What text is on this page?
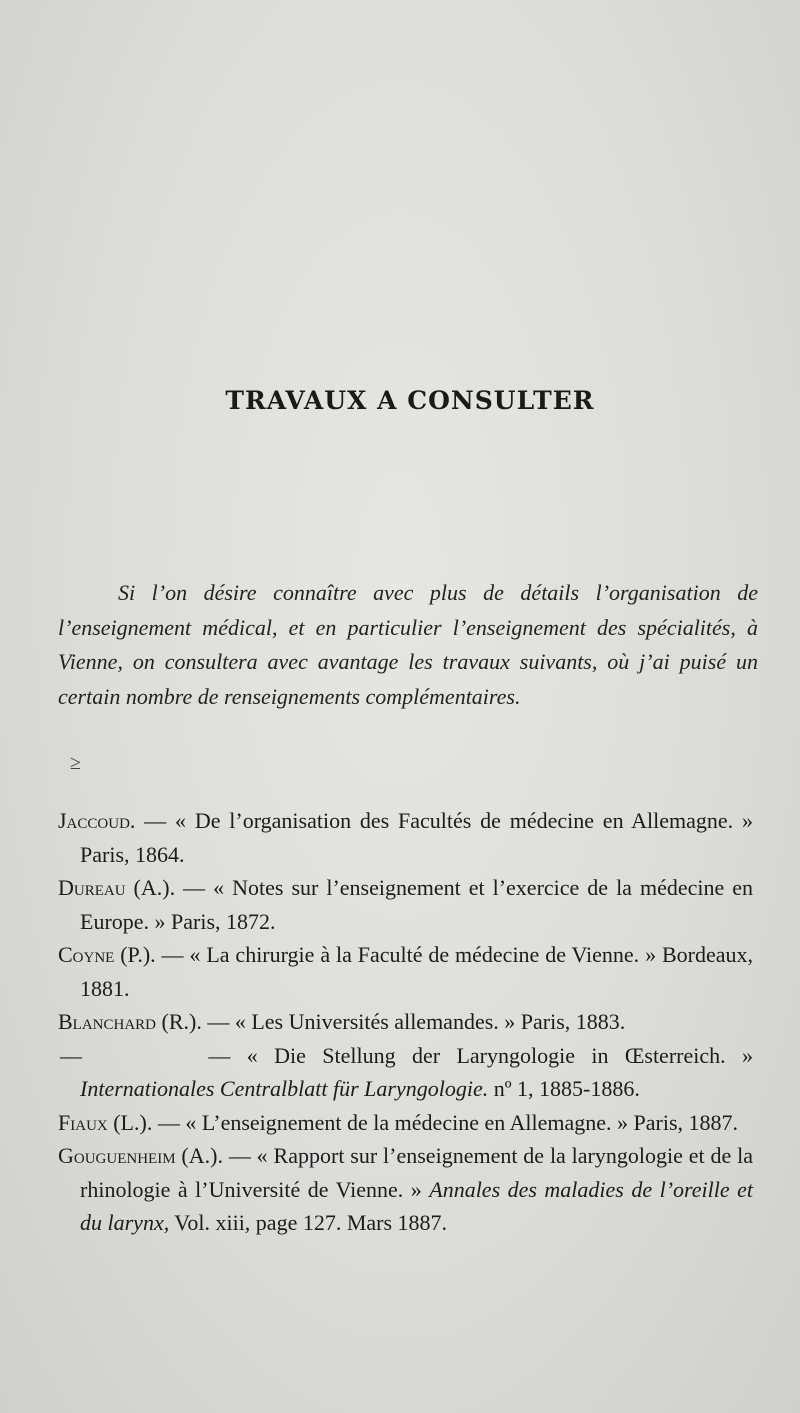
TRAVAUX A CONSULTER
Si l’on désire connaître avec plus de détails l’organisation de l’enseignement médical, et en particulier l’enseignement des spécialités, à Vienne, on consultera avec avantage les travaux suivants, où j’ai puisé un certain nombre de renseignements complémentaires.
≥
Jaccoud. — « De l’organisation des Facultés de médecine en Allemagne. » Paris, 1864.
Dureau (A.). — « Notes sur l’enseignement et l’exercice de la médecine en Europe. » Paris, 1872.
Coyne (P.). — « La chirurgie à la Faculté de médecine de Vienne. » Bordeaux, 1881.
Blanchard (R.). — « Les Universités allemandes. » Paris, 1883.
—	— « Die Stellung der Laryngologie in Œsterreich. » Internationales Centralblatt für Laryngologie. nº 1, 1885-1886.
Fiaux (L.). — « L’enseignement de la médecine en Allemagne. » Paris, 1887.
Gouguenheim (A.). — « Rapport sur l’enseignement de la laryngologie et de la rhinologie à l’Université de Vienne. » Annales des maladies de l’oreille et du larynx, Vol. xiii, page 127. Mars 1887.
